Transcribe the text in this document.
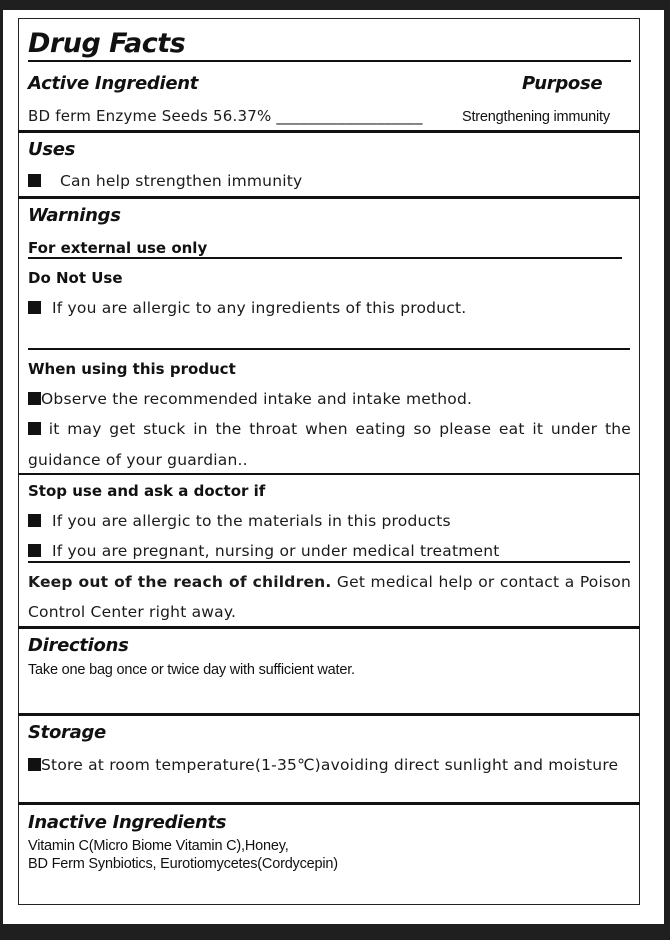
Drug Facts
Active Ingredient	Purpose
BD ferm Enzyme Seeds 56.37% ___________________	Strengthening immunity
Uses
Can help strengthen immunity
Warnings
For external use only
Do Not Use
If you are allergic to any ingredients of this product.
When using this product
Observe the recommended intake and intake method.
it may get stuck in the throat when eating so please eat it under the
guidance of your guardian..
Stop use and ask a doctor if
If you are allergic to the materials in this products
If you are pregnant, nursing or under medical treatment
Keep out of the reach of children. Get medical help or contact a Poison
Control Center right away.
Directions
Take one bag once or twice day with sufficient water.
Storage
Store at room temperature(1-35℃)avoiding direct sunlight and moisture
Inactive Ingredients
Vitamin C(Micro Biome Vitamin C),Honey,
BD Ferm Synbiotics, Eurotiomycetes(Cordycepin)
